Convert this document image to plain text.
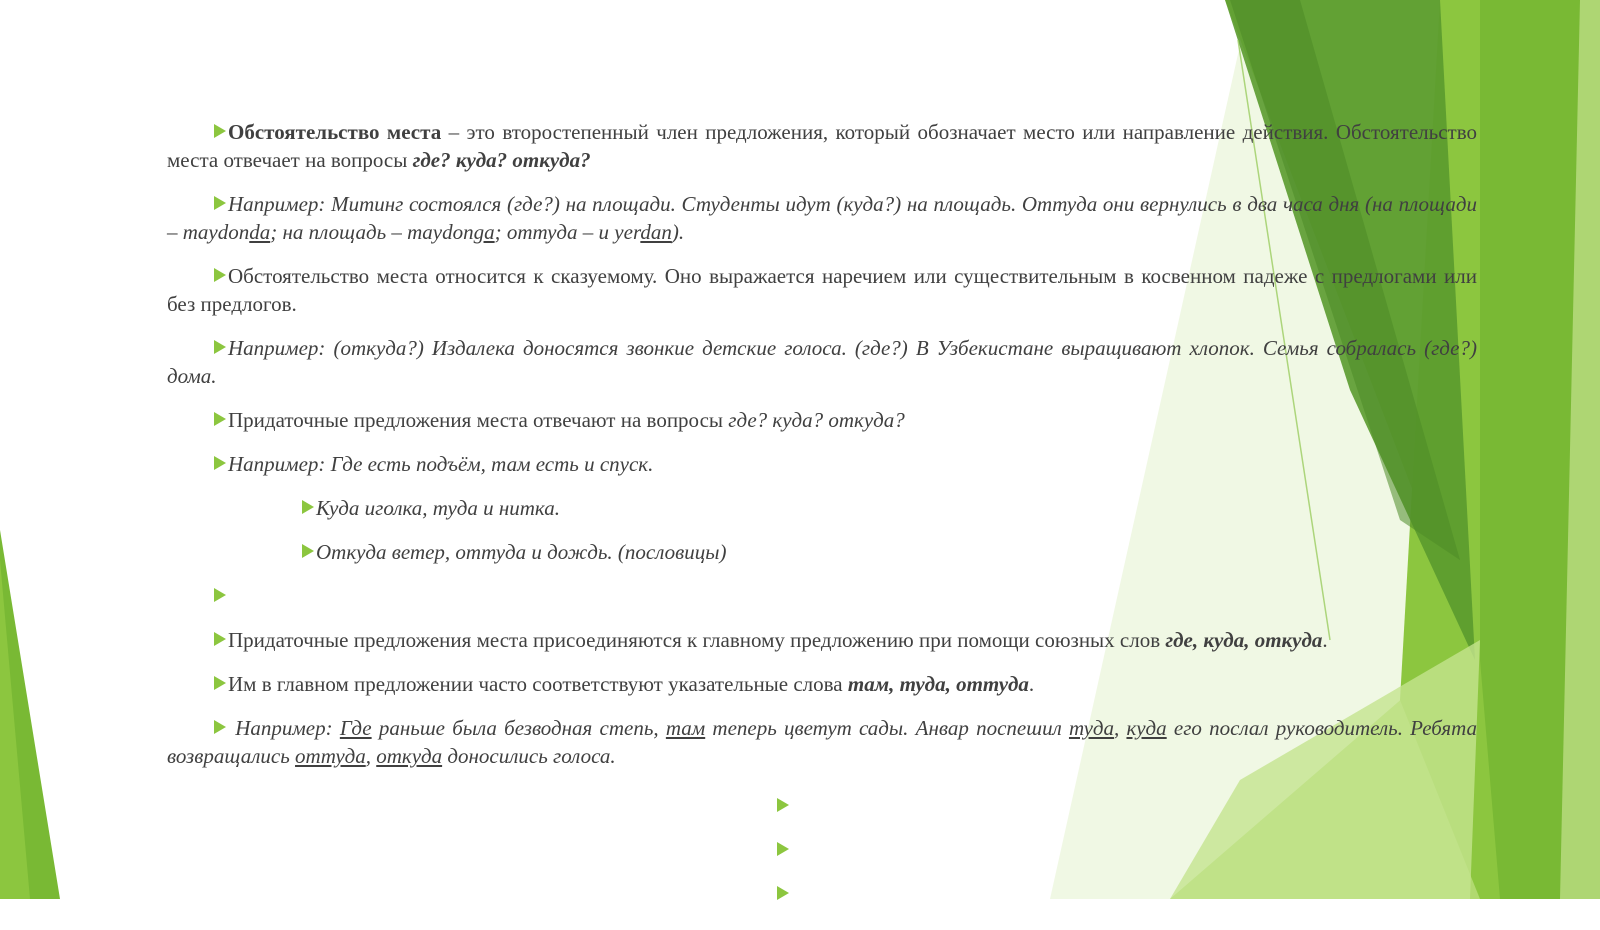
Обстоятельство места – это второстепенный член предложения, который обозначает место или направление действия. Обстоятельство места отвечает на вопросы где? куда? откуда?

Например: Митинг состоялся (где?) на площади. Студенты идут (куда?) на площадь. Оттуда они вернулись в два часа дня (на площади – maydonda; на площадь – maydonga; оттуда – и yerdan).

Обстоятельство места относится к сказуемому. Оно выражается наречием или существительным в косвенном падеже с предлогами или без предлогов.

Например: (откуда?) Издалека доносятся звонкие детские голоса. (где?) В Узбекистане выращивают хлопок. Семья собралась (где?) дома.

Придаточные предложения места отвечают на вопросы где? куда? откуда?

Например: Где есть подъём, там есть и спуск.

Куда иголка, туда и нитка.

Откуда ветер, оттуда и дождь. (пословицы)

Придаточные предложения места присоединяются к главному предложению при помощи союзных слов где, куда, откуда.

Им в главном предложении часто соответствуют указательные слова там, туда, оттуда.

Например: Где раньше была безводная степь, там теперь цветут сады. Анвар поспешил туда, куда его послал руководитель. Ребята возвращались оттуда, откуда доносились голоса.
